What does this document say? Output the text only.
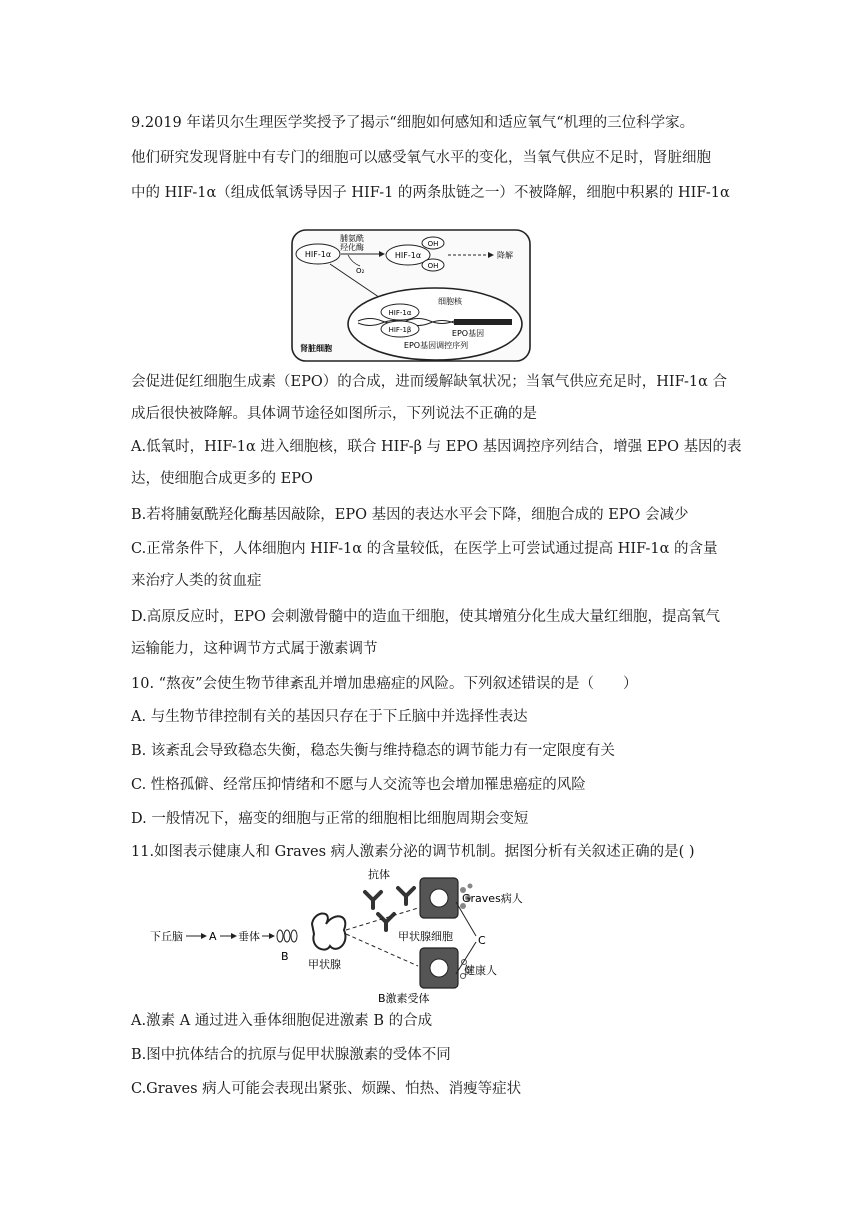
9.2019 年诺贝尔生理医学奖授予了揭示“细胞如何感知和适应氧气“机理的三位科学家。
他们研究发现肾脏中有专门的细胞可以感受氧气水平的变化，当氧气供应不足时，肾脏细胞
中的 HIF-1α（组成低氧诱导因子 HIF-1 的两条肽链之一）不被降解，细胞中积累的 HIF-1α
HIF-1α
脯氨酰
羟化酶
O₂
HIF-1α
OH
OH
降解
细胞核
HIF-1α
HIF-1β	EPO基因
EPO基因调控序列
肾脏细胞
会促进促红细胞生成素（EPO）的合成，进而缓解缺氧状况；当氧气供应充足时，HIF-1α 合
成后很快被降解。具体调节途径如图所示，下列说法不正确的是
A.低氧时，HIF-1α 进入细胞核，联合 HIF-β 与 EPO 基因调控序列结合，增强 EPO 基因的表
达，使细胞合成更多的 EPO
B.若将脯氨酰羟化酶基因敲除，EPO 基因的表达水平会下降，细胞合成的 EPO 会减少
C.正常条件下，人体细胞内 HIF-1α 的含量较低，在医学上可尝试通过提高 HIF-1α 的含量
来治疗人类的贫血症
D.高原反应时，EPO 会刺激骨髓中的造血干细胞，使其增殖分化生成大量红细胞，提高氧气
运输能力，这种调节方式属于激素调节
10. “熬夜”会使生物节律紊乱并增加患癌症的风险。下列叙述错误的是（　　）
A. 与生物节律控制有关的基因只存在于下丘脑中并选择性表达
B. 该紊乱会导致稳态失衡，稳态失衡与维持稳态的调节能力有一定限度有关
C. 性格孤僻、经常压抑情绪和不愿与人交流等也会增加罹患癌症的风险
D. 一般情况下，癌变的细胞与正常的细胞相比细胞周期会变短
11.如图表示健康人和 Graves 病人激素分泌的调节机制。据图分析有关叙述正确的是( )
抗体
Graves病人
下丘脑 A 垂体
B
甲状腺
甲状腺细胞
健康人
C
B激素受体
A.激素 A 通过进入垂体细胞促进激素 B 的合成
B.图中抗体结合的抗原与促甲状腺激素的受体不同
C.Graves 病人可能会表现出紧张、烦躁、怕热、消瘦等症状
